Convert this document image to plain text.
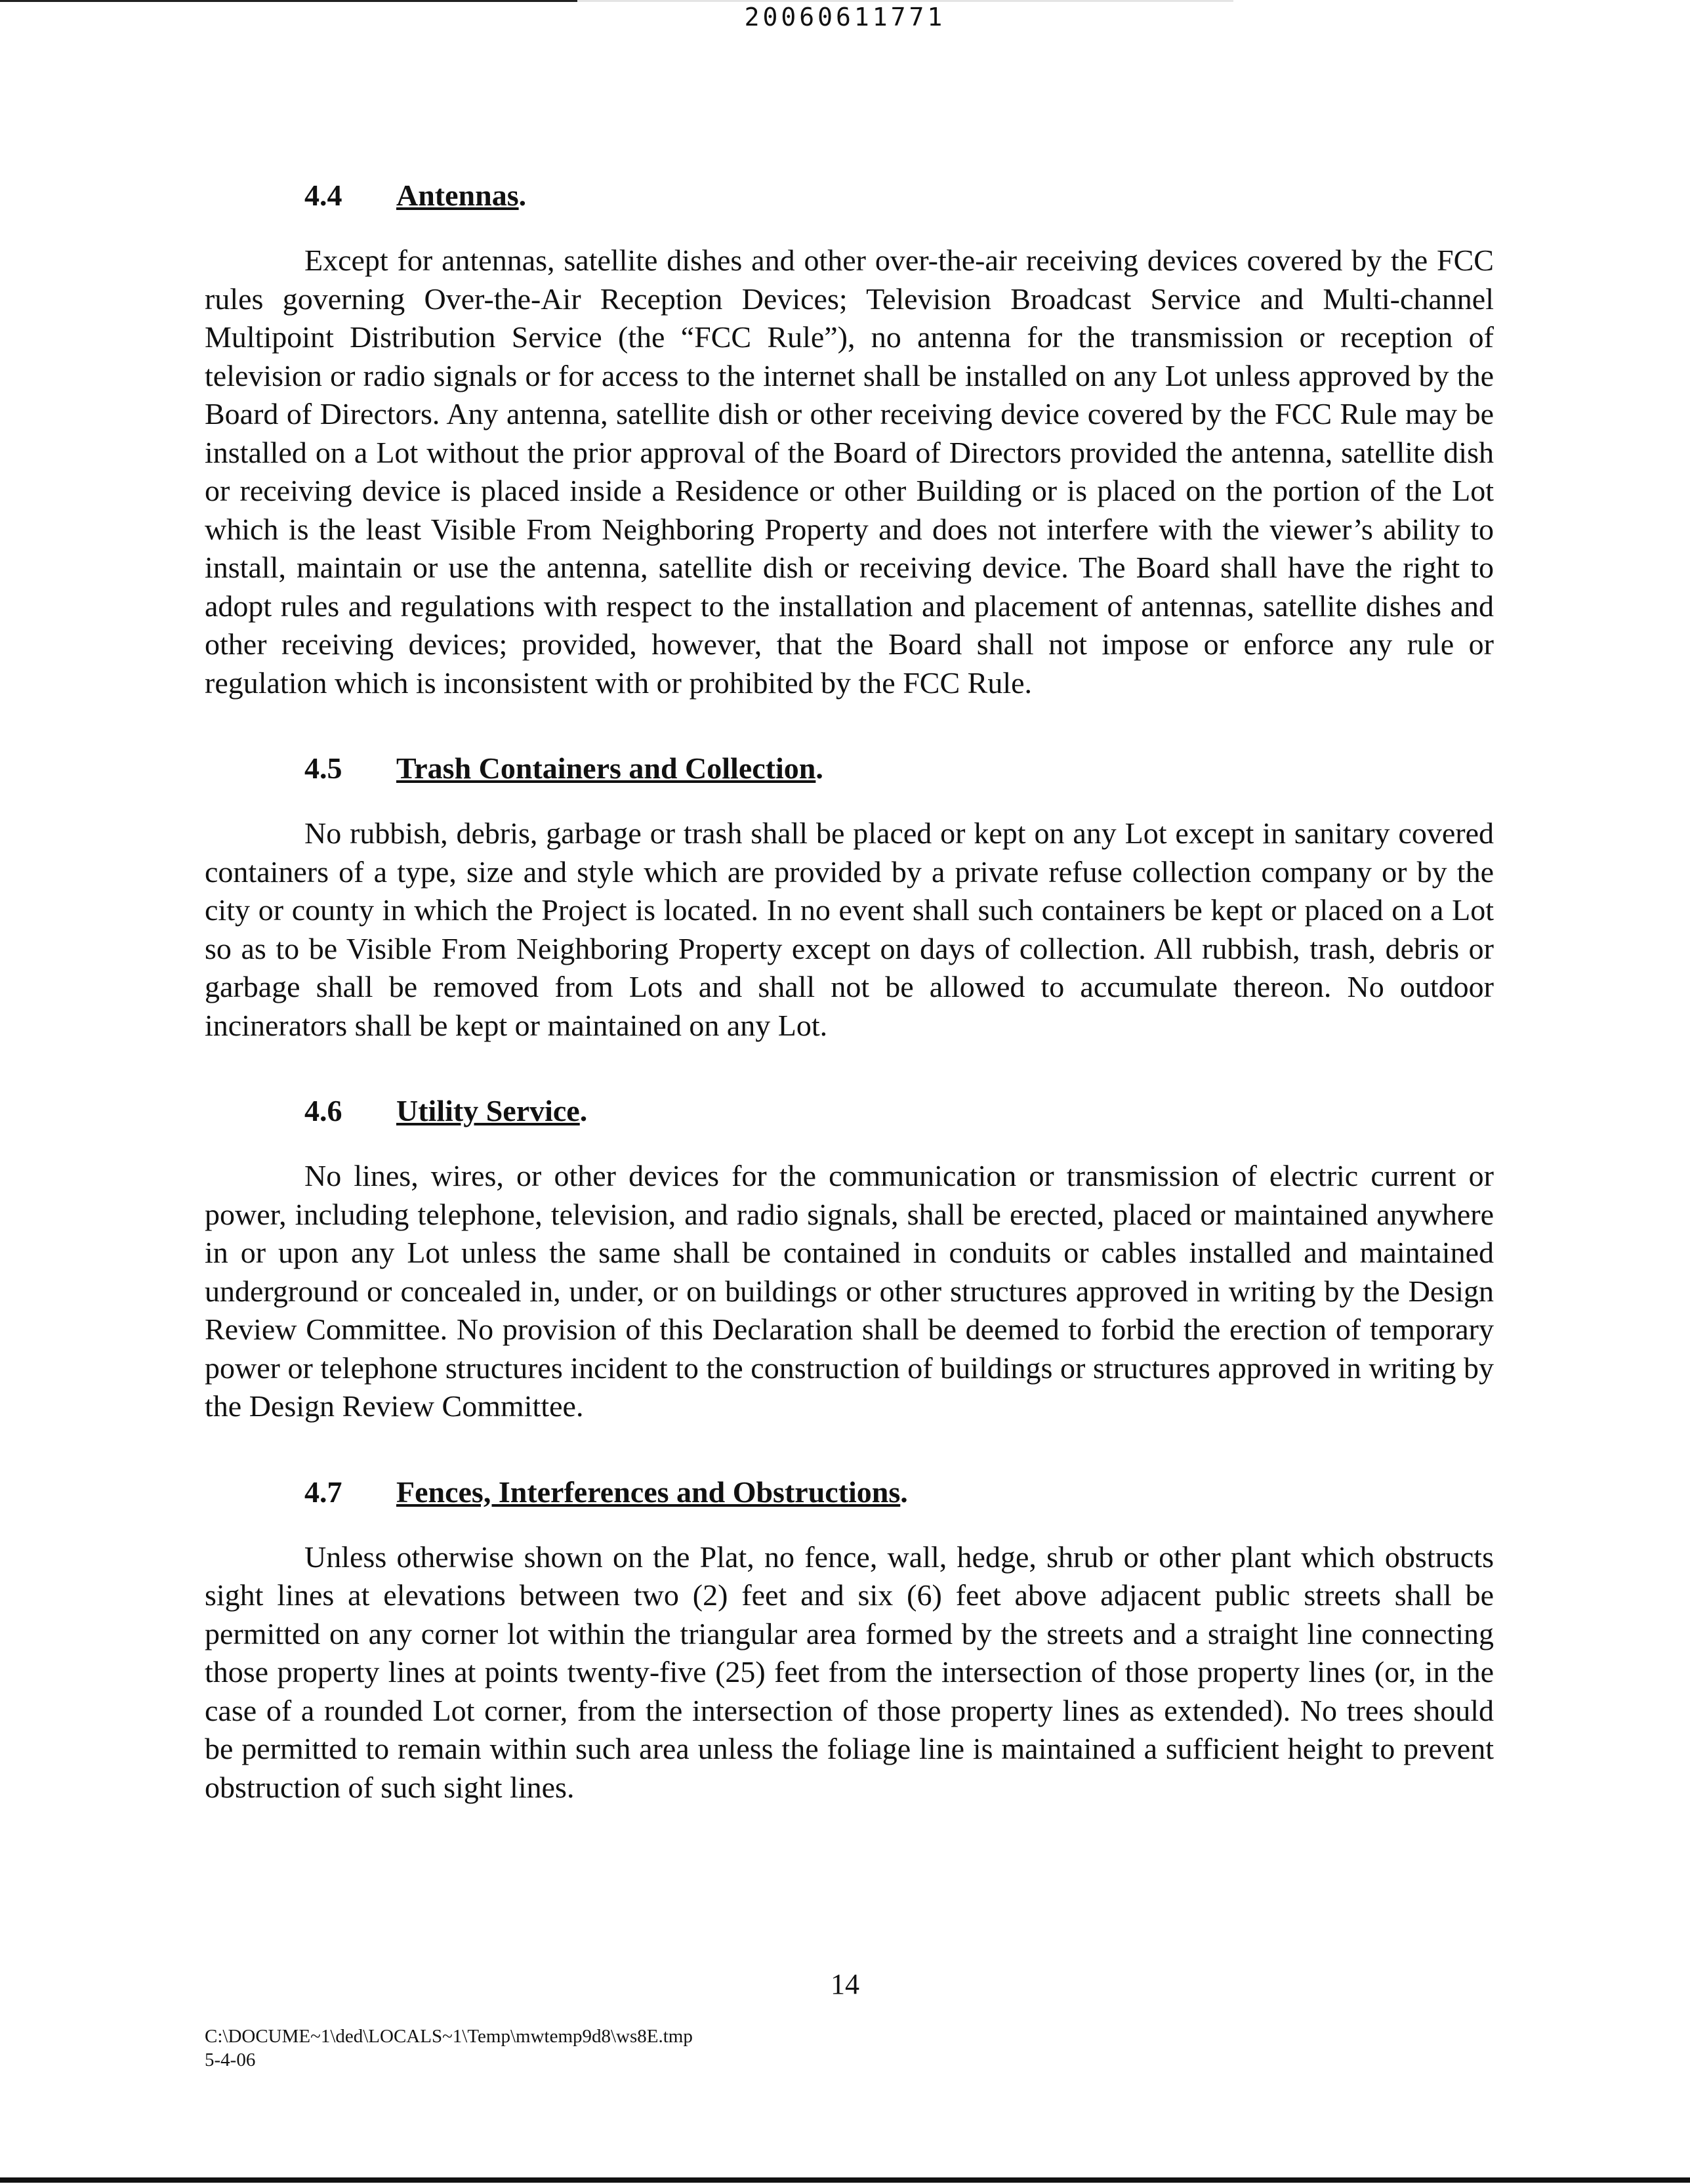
20060611771
4.4 Antennas.

Except for antennas, satellite dishes and other over-the-air receiving devices covered by the FCC rules governing Over-the-Air Reception Devices; Television Broadcast Service and Multi-channel Multipoint Distribution Service (the “FCC Rule”), no antenna for the transmission or reception of television or radio signals or for access to the internet shall be installed on any Lot unless approved by the Board of Directors. Any antenna, satellite dish or other receiving device covered by the FCC Rule may be installed on a Lot without the prior approval of the Board of Directors provided the antenna, satellite dish or receiving device is placed inside a Residence or other Building or is placed on the portion of the Lot which is the least Visible From Neighboring Property and does not interfere with the viewer’s ability to install, maintain or use the antenna, satellite dish or receiving device. The Board shall have the right to adopt rules and regulations with respect to the installation and placement of antennas, satellite dishes and other receiving devices; provided, however, that the Board shall not impose or enforce any rule or regulation which is inconsistent with or prohibited by the FCC Rule.

4.5 Trash Containers and Collection.

No rubbish, debris, garbage or trash shall be placed or kept on any Lot except in sanitary covered containers of a type, size and style which are provided by a private refuse collection company or by the city or county in which the Project is located. In no event shall such containers be kept or placed on a Lot so as to be Visible From Neighboring Property except on days of collection. All rubbish, trash, debris or garbage shall be removed from Lots and shall not be allowed to accumulate thereon. No outdoor incinerators shall be kept or maintained on any Lot.

4.6 Utility Service.

No lines, wires, or other devices for the communication or transmission of electric current or power, including telephone, television, and radio signals, shall be erected, placed or maintained anywhere in or upon any Lot unless the same shall be contained in conduits or cables installed and maintained underground or concealed in, under, or on buildings or other structures approved in writing by the Design Review Committee. No provision of this Declaration shall be deemed to forbid the erection of temporary power or telephone structures incident to the construction of buildings or structures approved in writing by the Design Review Committee.

4.7 Fences, Interferences and Obstructions.

Unless otherwise shown on the Plat, no fence, wall, hedge, shrub or other plant which obstructs sight lines at elevations between two (2) feet and six (6) feet above adjacent public streets shall be permitted on any corner lot within the triangular area formed by the streets and a straight line connecting those property lines at points twenty-five (25) feet from the intersection of those property lines (or, in the case of a rounded Lot corner, from the intersection of those property lines as extended). No trees should be permitted to remain within such area unless the foliage line is maintained a sufficient height to prevent obstruction of such sight lines.

14
C:\DOCUME~1\ded\LOCALS~1\Temp\mwtemp9d8\ws8E.tmp
5-4-06
